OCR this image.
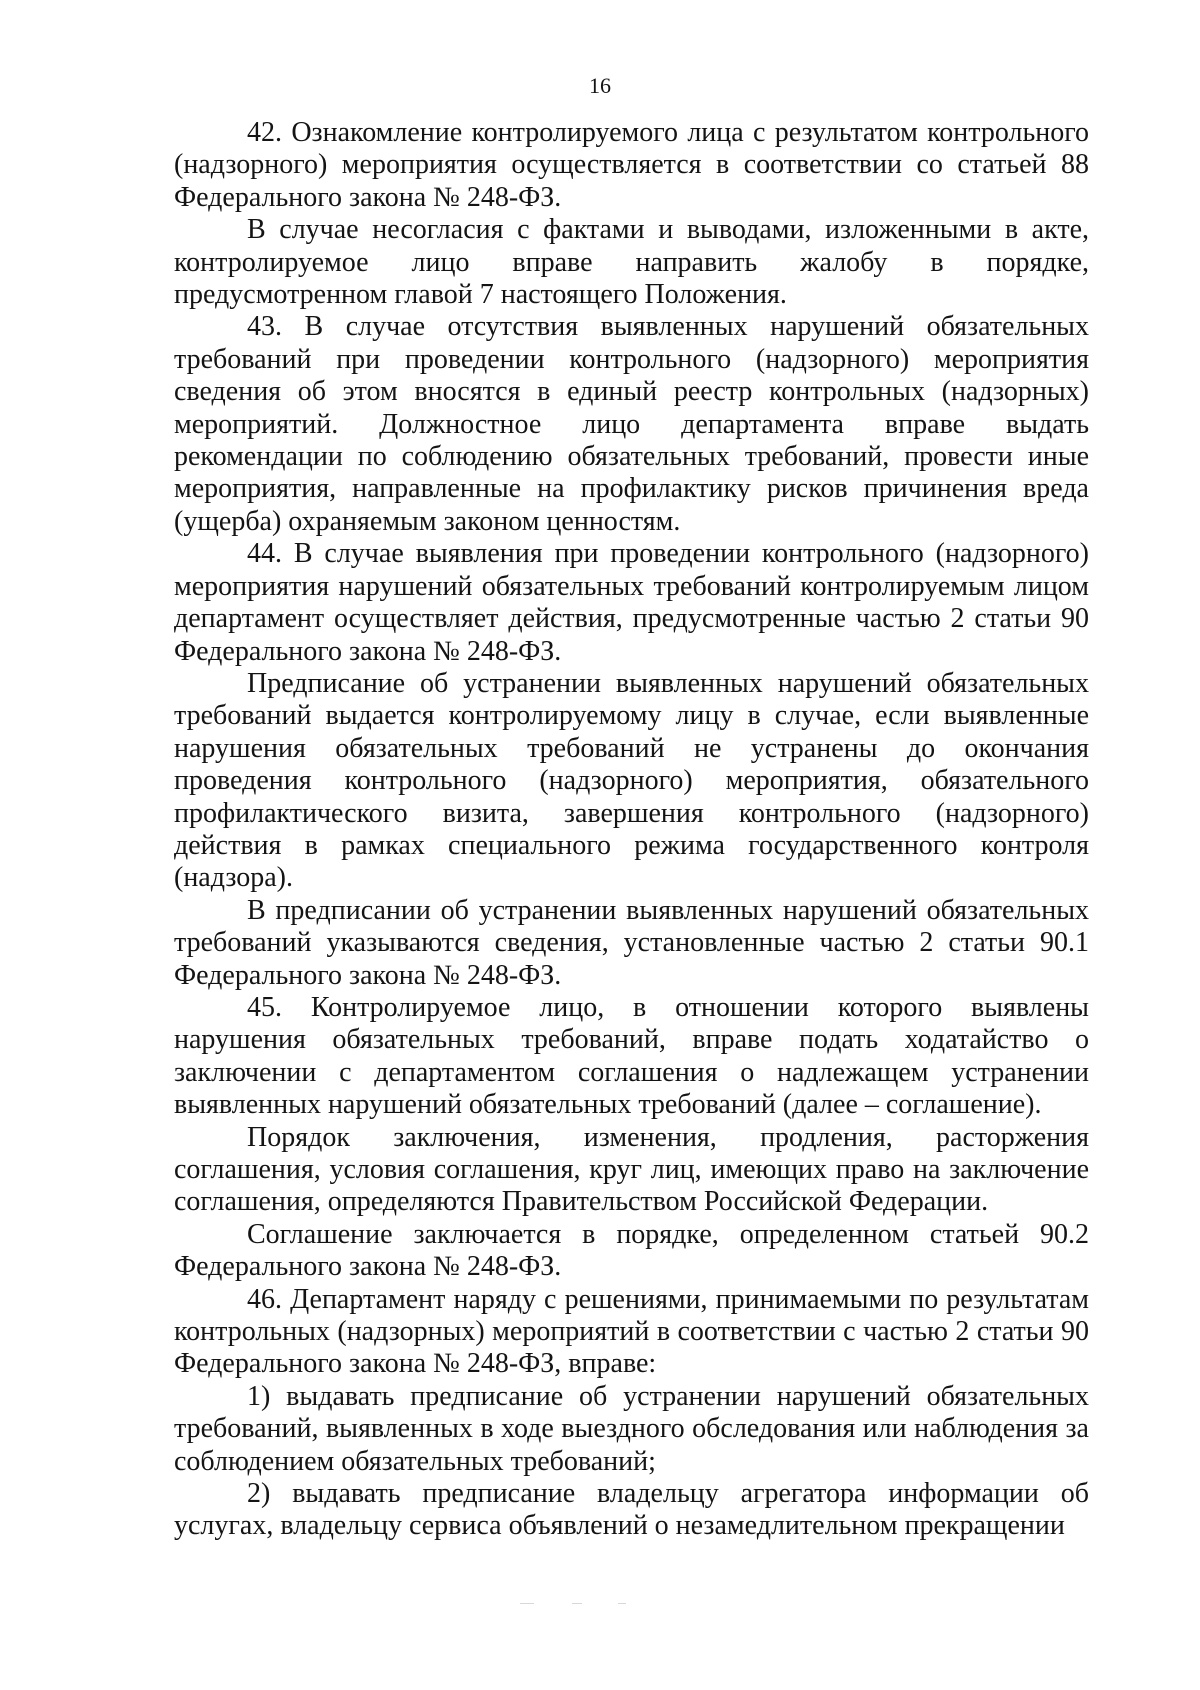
16

42. Ознакомление контролируемого лица с результатом контрольного (надзорного) мероприятия осуществляется в соответствии со статьей 88 Федерального закона № 248-ФЗ.

В случае несогласия с фактами и выводами, изложенными в акте, контролируемое лицо вправе направить жалобу в порядке, предусмотренном главой 7 настоящего Положения.

43. В случае отсутствия выявленных нарушений обязательных требований при проведении контрольного (надзорного) мероприятия сведения об этом вносятся в единый реестр контрольных (надзорных) мероприятий. Должностное лицо департамента вправе выдать рекомендации по соблюдению обязательных требований, провести иные мероприятия, направленные на профилактику рисков причинения вреда (ущерба) охраняемым законом ценностям.

44. В случае выявления при проведении контрольного (надзорного) мероприятия нарушений обязательных требований контролируемым лицом департамент осуществляет действия, предусмотренные частью 2 статьи 90 Федерального закона № 248-ФЗ.

Предписание об устранении выявленных нарушений обязательных требований выдается контролируемому лицу в случае, если выявленные нарушения обязательных требований не устранены до окончания проведения контрольного (надзорного) мероприятия, обязательного профилактического визита, завершения контрольного (надзорного) действия в рамках специального режима государственного контроля (надзора).

В предписании об устранении выявленных нарушений обязательных требований указываются сведения, установленные частью 2 статьи 90.1 Федерального закона № 248-ФЗ.

45. Контролируемое лицо, в отношении которого выявлены нарушения обязательных требований, вправе подать ходатайство о заключении с департаментом соглашения о надлежащем устранении выявленных нарушений обязательных требований (далее – соглашение).

Порядок заключения, изменения, продления, расторжения соглашения, условия соглашения, круг лиц, имеющих право на заключение соглашения, определяются Правительством Российской Федерации.

Соглашение заключается в порядке, определенном статьей 90.2 Федерального закона № 248-ФЗ.

46. Департамент наряду с решениями, принимаемыми по результатам контрольных (надзорных) мероприятий в соответствии с частью 2 статьи 90 Федерального закона № 248-ФЗ, вправе:

1) выдавать предписание об устранении нарушений обязательных требований, выявленных в ходе выездного обследования или наблюдения за соблюдением обязательных требований;

2) выдавать предписание владельцу агрегатора информации об услугах, владельцу сервиса объявлений о незамедлительном прекращении
